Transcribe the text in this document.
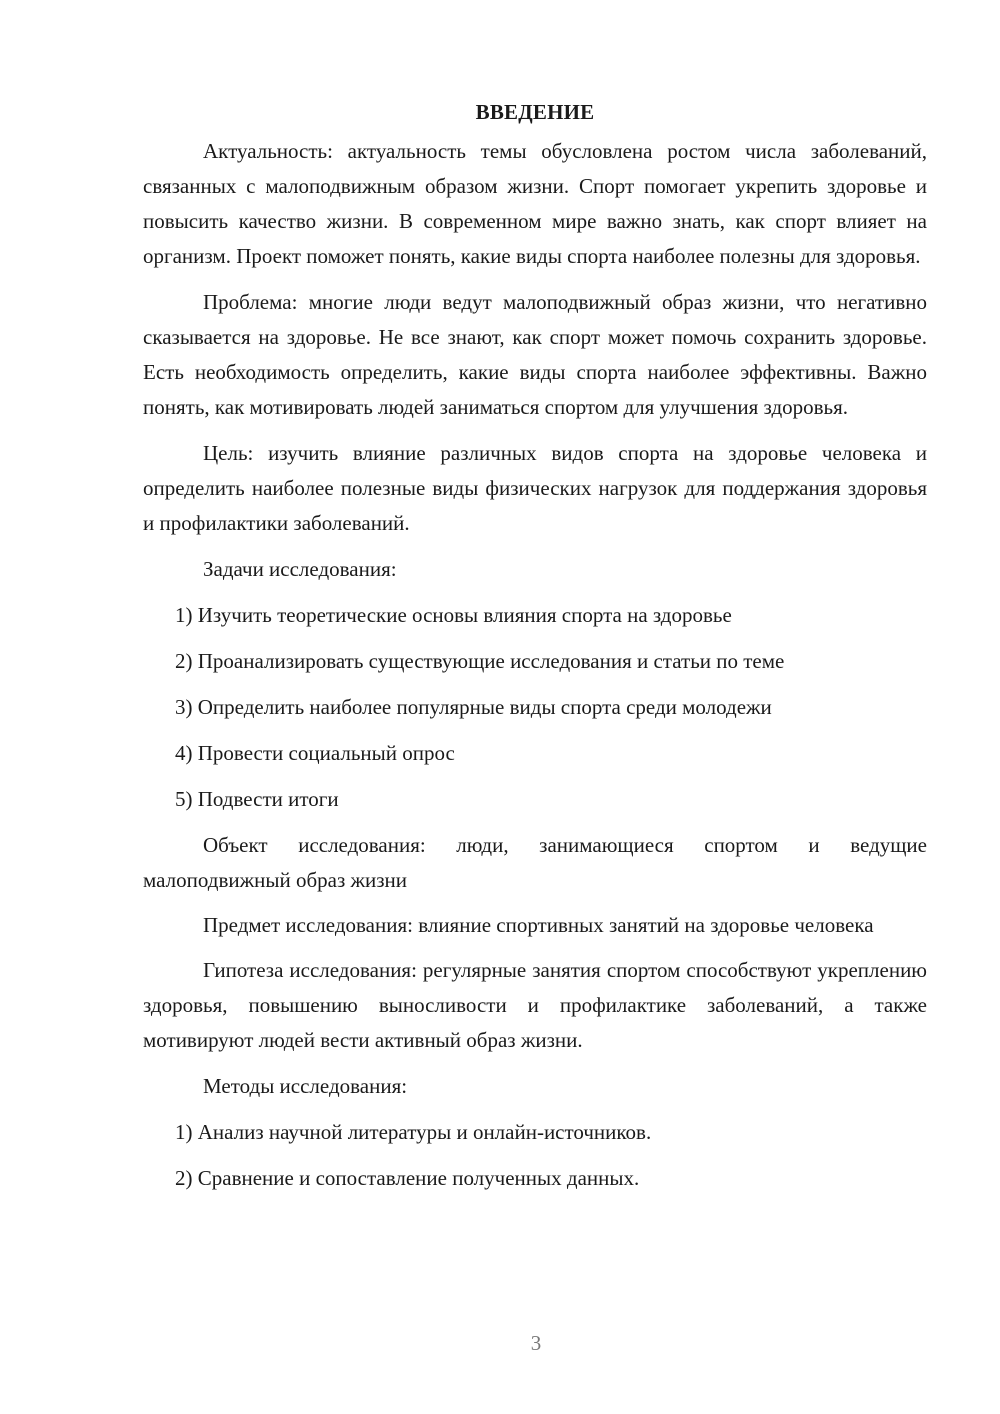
ВВЕДЕНИЕ

Актуальность: актуальность темы обусловлена ростом числа заболеваний, связанных с малоподвижным образом жизни. Спорт помогает укрепить здоровье и повысить качество жизни. В современном мире важно знать, как спорт влияет на организм. Проект поможет понять, какие виды спорта наиболее полезны для здоровья.

Проблема: многие люди ведут малоподвижный образ жизни, что негативно сказывается на здоровье. Не все знают, как спорт может помочь сохранить здоровье. Есть необходимость определить, какие виды спорта наиболее эффективны. Важно понять, как мотивировать людей заниматься спортом для улучшения здоровья.

Цель: изучить влияние различных видов спорта на здоровье человека и определить наиболее полезные виды физических нагрузок для поддержания здоровья и профилактики заболеваний.

Задачи исследования:

1) Изучить теоретические основы влияния спорта на здоровье

2) Проанализировать существующие исследования и статьи по теме

3) Определить наиболее популярные виды спорта среди молодежи

4) Провести социальный опрос

5) Подвести итоги

Объект исследования: люди, занимающиеся спортом и ведущие малоподвижный образ жизни

Предмет исследования: влияние спортивных занятий на здоровье человека

Гипотеза исследования: регулярные занятия спортом способствуют укреплению здоровья, повышению выносливости и профилактике заболеваний, а также мотивируют людей вести активный образ жизни.

Методы исследования:

1) Анализ научной литературы и онлайн-источников.

2) Сравнение и сопоставление полученных данных.

3
